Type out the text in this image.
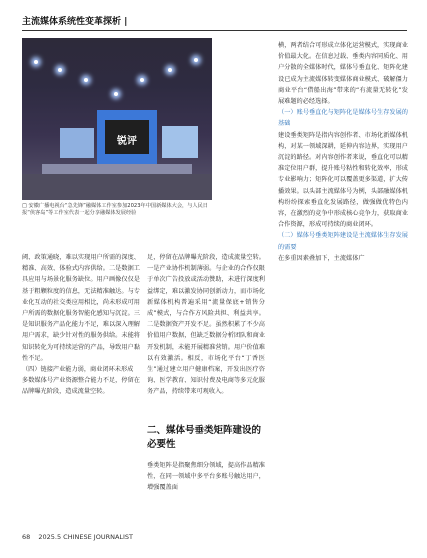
主流媒体系统性变革探析 |
锐评
□ 安徽广播电视台“急先锋”融媒体工作室参加2023年中国新媒体大会，与人民日报“侠客岛”等工作室代表一起分享融媒体发展经验

阈、政策通晓，难以实现用户所需的深度、精准、高效、体验式内容供给。二是数据工具应用与场景化服务缺位。用户画像仅仅是基于粗颗粒度的信息，无法精准触达。与专业化互动的社交类应用相比，尚未形成可用户所需的数据化服务智能化感知与沉淀。三是知识服务产品化能力不足，难以深入理解用户需求，缺少针对性的服务供给。未能将知识转化为可持续运营的产品，导致用户黏性不足。

（四）链接产业能力弱，商业闭环未形成

多数媒体号产业资源整合能力不足，停留在品牌曝光阶段，造成流量空转。

足，停留在品牌曝光阶段，造成流量空转。一是产业协作机制薄弱。与企业的合作仅限于单次广告投放或活动赞助，未进行深度利益绑定，难以激发协同创新动力，而市场化新媒体机构普遍采用“流量保底+销售分成”模式，与合作方风险共担、利益共享。二是数据资产开发不足。虽然积累了不少高价值用户数据，但缺乏数据分析团队和商业开发机制，未能开展精准营销。用户价值难以有效激活。相反，市场化平台“丁香医生”通过建立用户健康档案，开发出医疗咨询、医学教育、知识付费及电商等多元化服务产品，持续带来可观收入。

二、媒体号垂类矩阵建设的必要性

垂类矩阵是指聚焦细分领域，提高作品精准性，在同一领域中多平台多账号触达用户，增强覆盖面

横，两者结合可形成立体化运营模式，实现商业价值最大化。在信息过载、垂类内容同质化、用户分散的全媒体时代，媒体号垂直化、矩阵化建设已成为主流媒体转变媒体商业模式、破解僵力商业平台“借船出海”带来的“有流量无转化”发展难题的必经选择。

（一）账号垂直化与矩阵化是媒体号生存发展的基础

建设垂类矩阵是指内容创作者、市场化新媒体机构，对某一领域深耕，延伸内容边界，实现用户沉淀的路径。对内容创作者来说，垂直化可以精准定位用户群，提升账号粘性和转化效率，形成专业影响力；矩阵化可以覆盖更多渠道，扩大传播效果。以头部主流媒体号为例，头部融媒体机构纷纷探索垂直化发展路径，做强做优特色内容，在激烈的竞争中形成核心竞争力，获取商业合作资源，形成可持续的商业闭环。

（二）媒体号垂类矩阵建设是主流媒体生存发展的需要

在多重因素叠加下，主流媒体广

68 2025.5 CHINESE JOURNALIST
